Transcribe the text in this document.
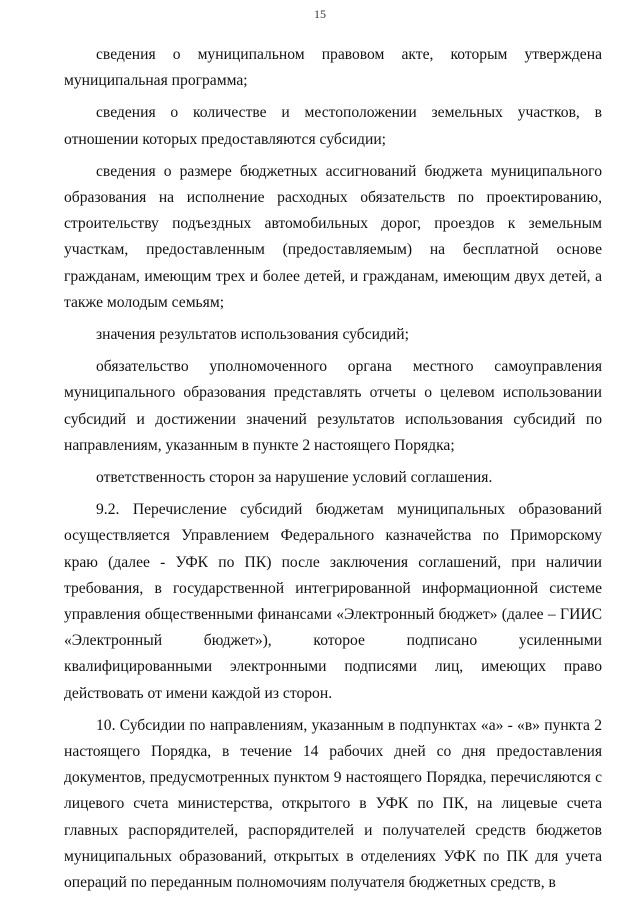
15

сведения о муниципальном правовом акте, которым утверждена муниципальная программа;

сведения о количестве и местоположении земельных участков, в отношении которых предоставляются субсидии;

сведения о размере бюджетных ассигнований бюджета муниципального образования на исполнение расходных обязательств по проектированию, строительству подъездных автомобильных дорог, проездов к земельным участкам, предоставленным (предоставляемым) на бесплатной основе гражданам, имеющим трех и более детей, и гражданам, имеющим двух детей, а также молодым семьям;

значения результатов использования субсидий;

обязательство уполномоченного органа местного самоуправления муниципального образования представлять отчеты о целевом использовании субсидий и достижении значений результатов использования субсидий по направлениям, указанным в пункте 2 настоящего Порядка;

ответственность сторон за нарушение условий соглашения.

9.2. Перечисление субсидий бюджетам муниципальных образований осуществляется Управлением Федерального казначейства по Приморскому краю (далее - УФК по ПК) после заключения соглашений, при наличии требования, в государственной интегрированной информационной системе управления общественными финансами «Электронный бюджет» (далее – ГИИС «Электронный бюджет»), которое подписано усиленными квалифицированными электронными подписями лиц, имеющих право действовать от имени каждой из сторон.

10. Субсидии по направлениям, указанным в подпунктах «а» - «в» пункта 2 настоящего Порядка, в течение 14 рабочих дней со дня предоставления документов, предусмотренных пунктом 9 настоящего Порядка, перечисляются с лицевого счета министерства, открытого в УФК по ПК, на лицевые счета главных распорядителей, распорядителей и получателей средств бюджетов муниципальных образований, открытых в отделениях УФК по ПК для учета операций по переданным полномочиям получателя бюджетных средств, в
